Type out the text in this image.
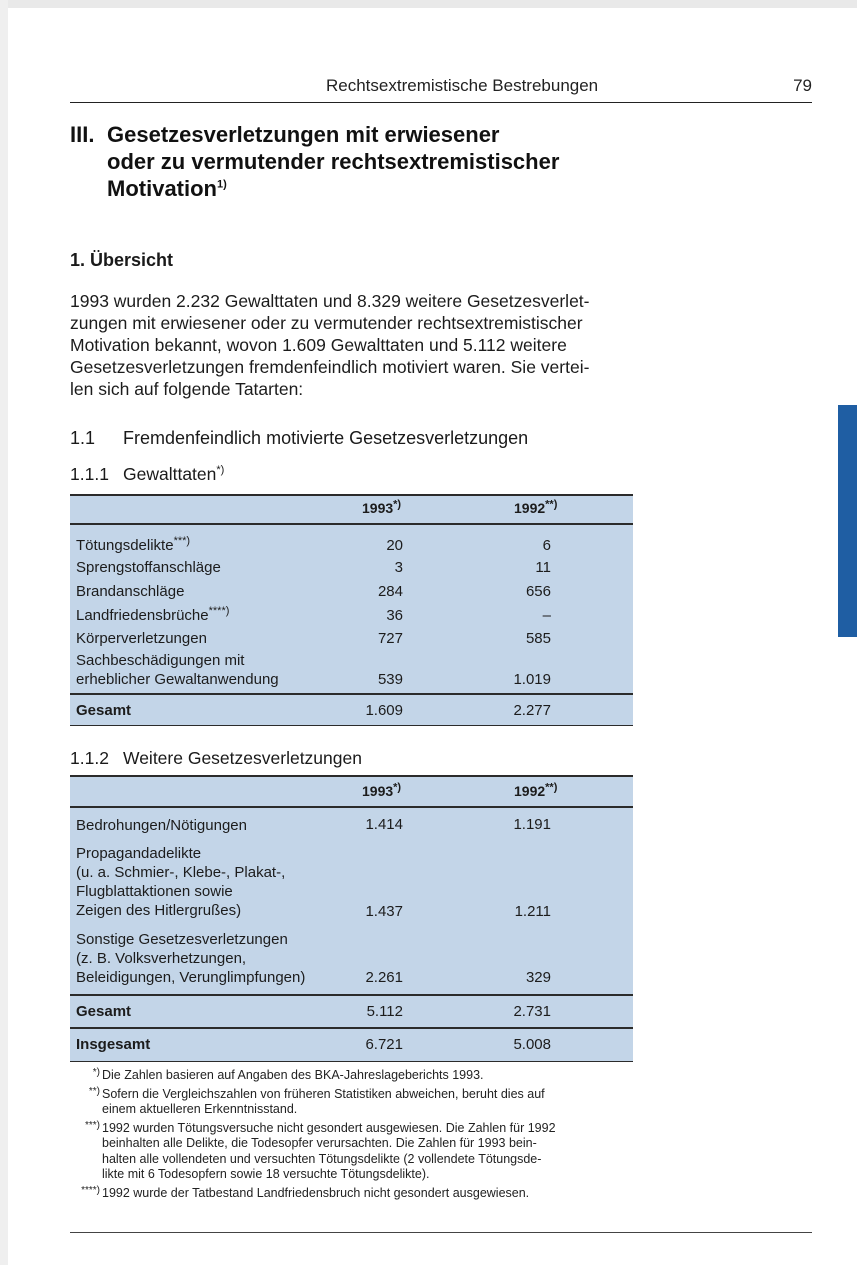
Rechtsextremistische Bestrebungen	79
III. Gesetzesverletzungen mit erwiesener
oder zu vermutender rechtsextremistischer
Motivation$^{1)}$
1. Übersicht
1993 wurden 2.232 Gewalttaten und 8.329 weitere Gesetzesverlet-
zungen mit erwiesener oder zu vermutender rechtsextremistischer
Motivation bekannt, wovon 1.609 Gewalttaten und 5.112 weitere
Gesetzesverletzungen fremdenfeindlich motiviert waren. Sie vertei-
len sich auf folgende Tatarten:
1.1 Fremdenfeindlich motivierte Gesetzesverletzungen
1.1.1 Gewalttaten*)
1993*)	1992**)
Tötungsdelikte***)	20	6
Sprengstoffanschläge	3	11
Brandanschläge	284	656
Landfriedensbrüche****)	36	–
Körperverletzungen	727	585
Sachbeschädigungen mit
erheblicher Gewaltanwendung	539	1.019
Gesamt	1.609	2.277
1.1.2 Weitere Gesetzesverletzungen
1993*)	1992**)
Bedrohungen/Nötigungen	1.414	1.191
Propagandadelikte
(u. a. Schmier-, Klebe-, Plakat-,
Flugblattaktionen sowie
Zeigen des Hitlergrußes)	1.437	1.211
Sonstige Gesetzesverletzungen
(z. B. Volksverhetzungen,
Beleidigungen, Verunglimpfungen)	2.261	329
Gesamt	5.112	2.731
Insgesamt	6.721	5.008
*) Die Zahlen basieren auf Angaben des BKA-Jahreslageberichts 1993.
**) Sofern die Vergleichszahlen von früheren Statistiken abweichen, beruht dies auf
einem aktuelleren Erkenntnisstand.
***) 1992 wurden Tötungsversuche nicht gesondert ausgewiesen. Die Zahlen für 1992
beinhalten alle Delikte, die Todesopfer verursachten. Die Zahlen für 1993 bein-
halten alle vollendeten und versuchten Tötungsdelikte (2 vollendete Tötungsde-
likte mit 6 Todesopfern sowie 18 versuchte Tötungsdelikte).
****) 1992 wurde der Tatbestand Landfriedensbruch nicht gesondert ausgewiesen.
